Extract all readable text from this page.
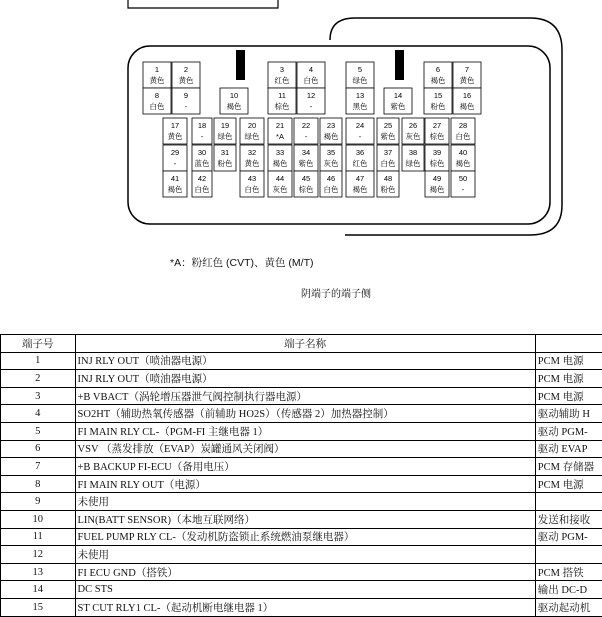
1
黄色
2
黄色
3
红色
4
白色
5
绿色
6
褐色
7
黄色
8
白色
9
-
10
褐色
11
棕色
12
-
13
黑色
14
紫色
15
粉色
16
褐色
17
黄色
18
-
19
绿色
20
绿色
21
*A
22
-
23
褐色
24
-
25
紫色
26
灰色
27
棕色
28
白色
29
-
30
蓝色
31
粉色
32
黄色
33
褐色
34
紫色
35
灰色
36
红色
37
白色
38
绿色
39
棕色
40
褐色
41
褐色
42
白色
43
白色
44
灰色
45
棕色
46
白色
47
褐色
48
粉色
49
褐色
50
-
*A：粉红色 (CVT)、黄色 (M/T)
阴端子的端子侧
端子号	端子名称	
1	INJ RLY OUT（喷油器电源）	PCM 电源
2	INJ RLY OUT（喷油器电源）	PCM 电源
3	+B VBACT（涡轮增压器泄气阀控制执行器电源）	PCM 电源
4	SO2HT（辅助热氧传感器（前辅助 HO2S）（传感器 2）加热器控制）	驱动辅助 H
5	FI MAIN RLY CL-（PGM-FI 主继电器 1）	驱动 PGM-
6	VSV （蒸发排放（EVAP）炭罐通风关闭阀）	驱动 EVAP
7	+B BACKUP FI-ECU（备用电压）	PCM 存储器
8	FI MAIN RLY OUT（电源）	PCM 电源
9	未使用	
10	LIN(BATT SENSOR)（本地互联网络）	发送和接收
11	FUEL PUMP RLY CL-（发动机防盗锁止系统燃油泵继电器）	驱动 PGM-
12	未使用	
13	FI ECU GND（搭铁）	PCM 搭铁
14	DC STS	输出 DC-D
15	ST CUT RLY1 CL-（起动机断电继电器 1）	驱动起动机
